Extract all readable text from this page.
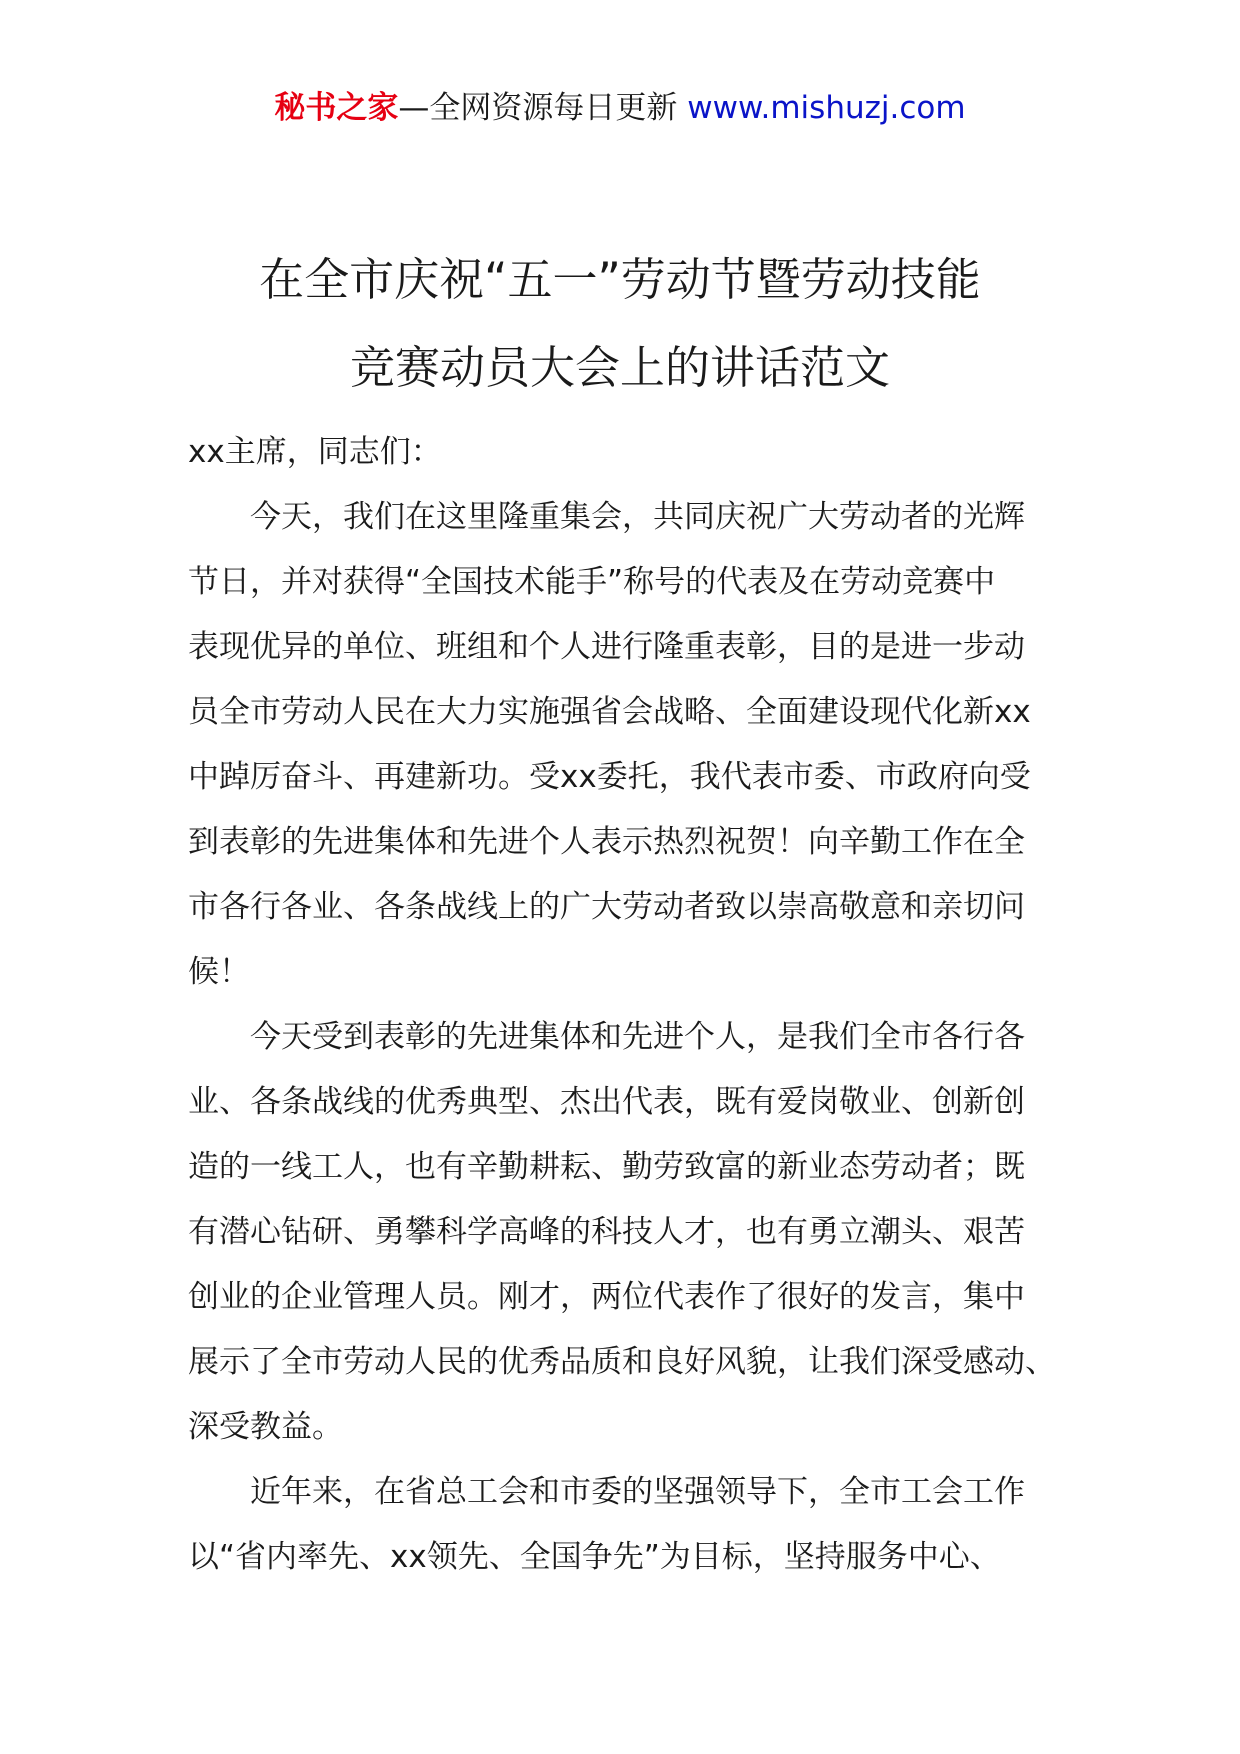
秘书之家—全网资源每日更新 www.mishuzj.com
在全市庆祝“五一”劳动节暨劳动技能
竞赛动员大会上的讲话范文

xx主席，同志们：

今天，我们在这里隆重集会，共同庆祝广大劳动者的光辉
节日，并对获得“全国技术能手”称号的代表及在劳动竞赛中
表现优异的单位、班组和个人进行隆重表彰，目的是进一步动
员全市劳动人民在大力实施强省会战略、全面建设现代化新xx
中踔厉奋斗、再建新功。受xx委托，我代表市委、市政府向受
到表彰的先进集体和先进个人表示热烈祝贺！向辛勤工作在全
市各行各业、各条战线上的广大劳动者致以崇高敬意和亲切问
候！

今天受到表彰的先进集体和先进个人，是我们全市各行各
业、各条战线的优秀典型、杰出代表，既有爱岗敬业、创新创
造的一线工人，也有辛勤耕耘、勤劳致富的新业态劳动者；既
有潜心钻研、勇攀科学高峰的科技人才，也有勇立潮头、艰苦
创业的企业管理人员。刚才，两位代表作了很好的发言，集中
展示了全市劳动人民的优秀品质和良好风貌，让我们深受感动、
深受教益。

近年来，在省总工会和市委的坚强领导下，全市工会工作
以“省内率先、xx领先、全国争先”为目标，坚持服务中心、
